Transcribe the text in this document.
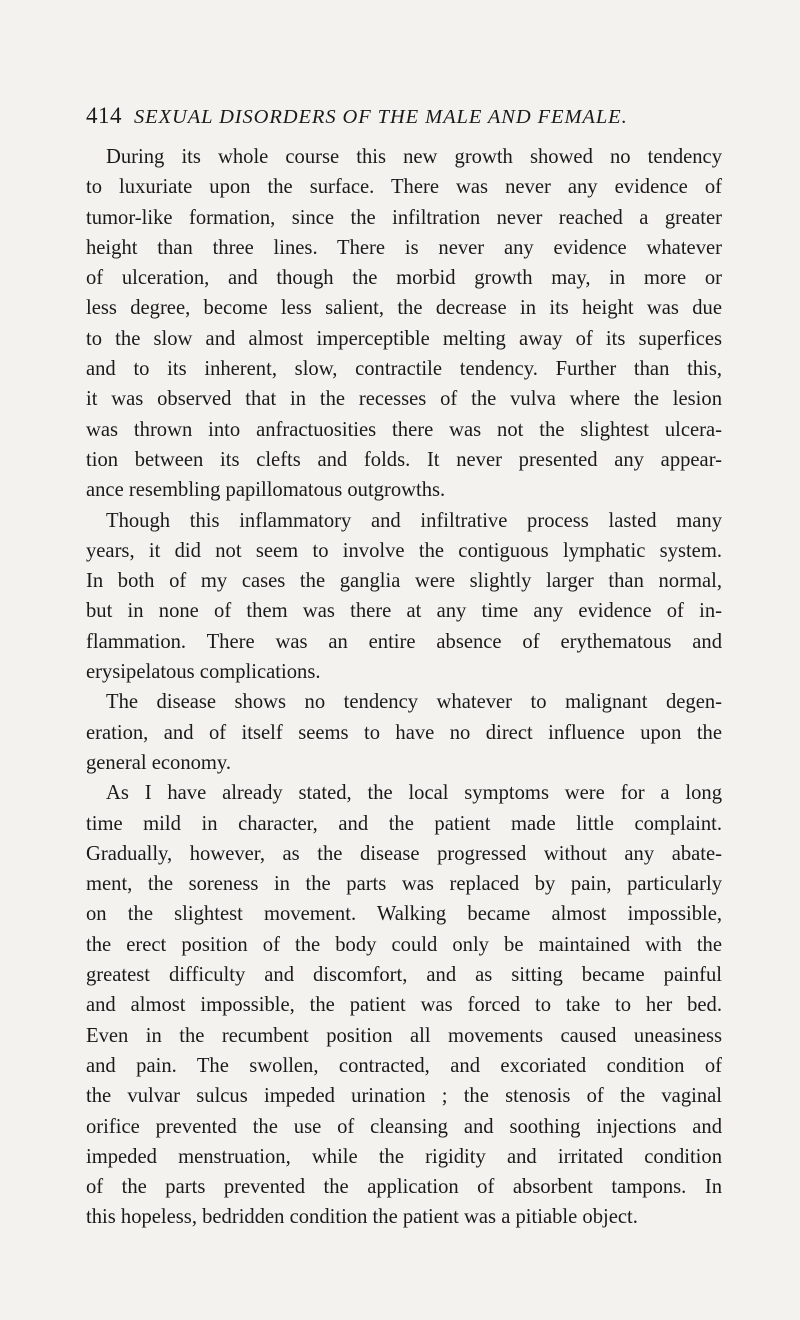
414 SEXUAL DISORDERS OF THE MALE AND FEMALE.
During its whole course this new growth showed no tendency
to luxuriate upon the surface. There was never any evidence of
tumor-like formation, since the infiltration never reached a greater
height than three lines. There is never any evidence whatever
of ulceration, and though the morbid growth may, in more or
less degree, become less salient, the decrease in its height was due
to the slow and almost imperceptible melting away of its superfices
and to its inherent, slow, contractile tendency. Further than this,
it was observed that in the recesses of the vulva where the lesion
was thrown into anfractuosities there was not the slightest ulcera-
tion between its clefts and folds. It never presented any appear-
ance resembling papillomatous outgrowths.
Though this inflammatory and infiltrative process lasted many
years, it did not seem to involve the contiguous lymphatic system.
In both of my cases the ganglia were slightly larger than normal,
but in none of them was there at any time any evidence of in-
flammation. There was an entire absence of erythematous and
erysipelatous complications.
The disease shows no tendency whatever to malignant degen-
eration, and of itself seems to have no direct influence upon the
general economy.
As I have already stated, the local symptoms were for a long
time mild in character, and the patient made little complaint.
Gradually, however, as the disease progressed without any abate-
ment, the soreness in the parts was replaced by pain, particularly
on the slightest movement. Walking became almost impossible,
the erect position of the body could only be maintained with the
greatest difficulty and discomfort, and as sitting became painful
and almost impossible, the patient was forced to take to her bed.
Even in the recumbent position all movements caused uneasiness
and pain. The swollen, contracted, and excoriated condition of
the vulvar sulcus impeded urination ; the stenosis of the vaginal
orifice prevented the use of cleansing and soothing injections and
impeded menstruation, while the rigidity and irritated condition
of the parts prevented the application of absorbent tampons. In
this hopeless, bedridden condition the patient was a pitiable object.
